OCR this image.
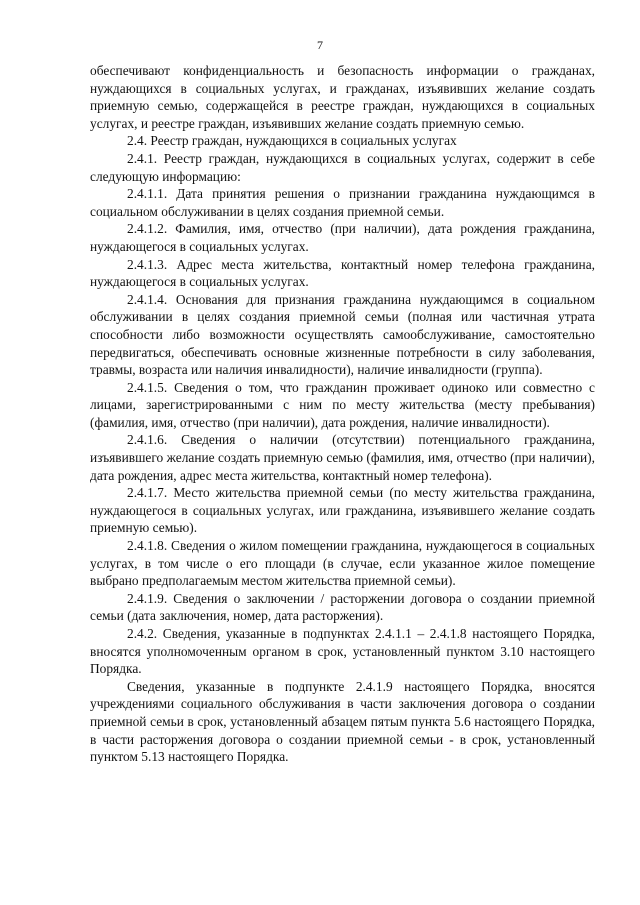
7

обеспечивают конфиденциальность и безопасность информации о гражданах, нуждающихся в социальных услугах, и гражданах, изъявивших желание создать приемную семью, содержащейся в реестре граждан, нуждающихся в социальных услугах, и реестре граждан, изъявивших желание создать приемную семью.

2.4. Реестр граждан, нуждающихся в социальных услугах

2.4.1. Реестр граждан, нуждающихся в социальных услугах, содержит в себе следующую информацию:

2.4.1.1. Дата принятия решения о признании гражданина нуждающимся в социальном обслуживании в целях создания приемной семьи.

2.4.1.2. Фамилия, имя, отчество (при наличии), дата рождения гражданина, нуждающегося в социальных услугах.

2.4.1.3. Адрес места жительства, контактный номер телефона гражданина, нуждающегося в социальных услугах.

2.4.1.4. Основания для признания гражданина нуждающимся в социальном обслуживании в целях создания приемной семьи (полная или частичная утрата способности либо возможности осуществлять самообслуживание, самостоятельно передвигаться, обеспечивать основные жизненные потребности в силу заболевания, травмы, возраста или наличия инвалидности), наличие инвалидности (группа).

2.4.1.5. Сведения о том, что гражданин проживает одиноко или совместно с лицами, зарегистрированными с ним по месту жительства (месту пребывания) (фамилия, имя, отчество (при наличии), дата рождения, наличие инвалидности).

2.4.1.6. Сведения о наличии (отсутствии) потенциального гражданина, изъявившего желание создать приемную семью (фамилия, имя, отчество (при наличии), дата рождения, адрес места жительства, контактный номер телефона).

2.4.1.7. Место жительства приемной семьи (по месту жительства гражданина, нуждающегося в социальных услугах, или гражданина, изъявившего желание создать приемную семью).

2.4.1.8. Сведения о жилом помещении гражданина, нуждающегося в социальных услугах, в том числе о его площади (в случае, если указанное жилое помещение выбрано предполагаемым местом жительства приемной семьи).

2.4.1.9. Сведения о заключении / расторжении договора о создании приемной семьи (дата заключения, номер, дата расторжения).

2.4.2. Сведения, указанные в подпунктах 2.4.1.1 – 2.4.1.8 настоящего Порядка, вносятся уполномоченным органом в срок, установленный пунктом 3.10 настоящего Порядка.

Сведения, указанные в подпункте 2.4.1.9 настоящего Порядка, вносятся учреждениями социального обслуживания в части заключения договора о создании приемной семьи в срок, установленный абзацем пятым пункта 5.6 настоящего Порядка, в части расторжения договора о создании приемной семьи - в срок, установленный пунктом 5.13 настоящего Порядка.
